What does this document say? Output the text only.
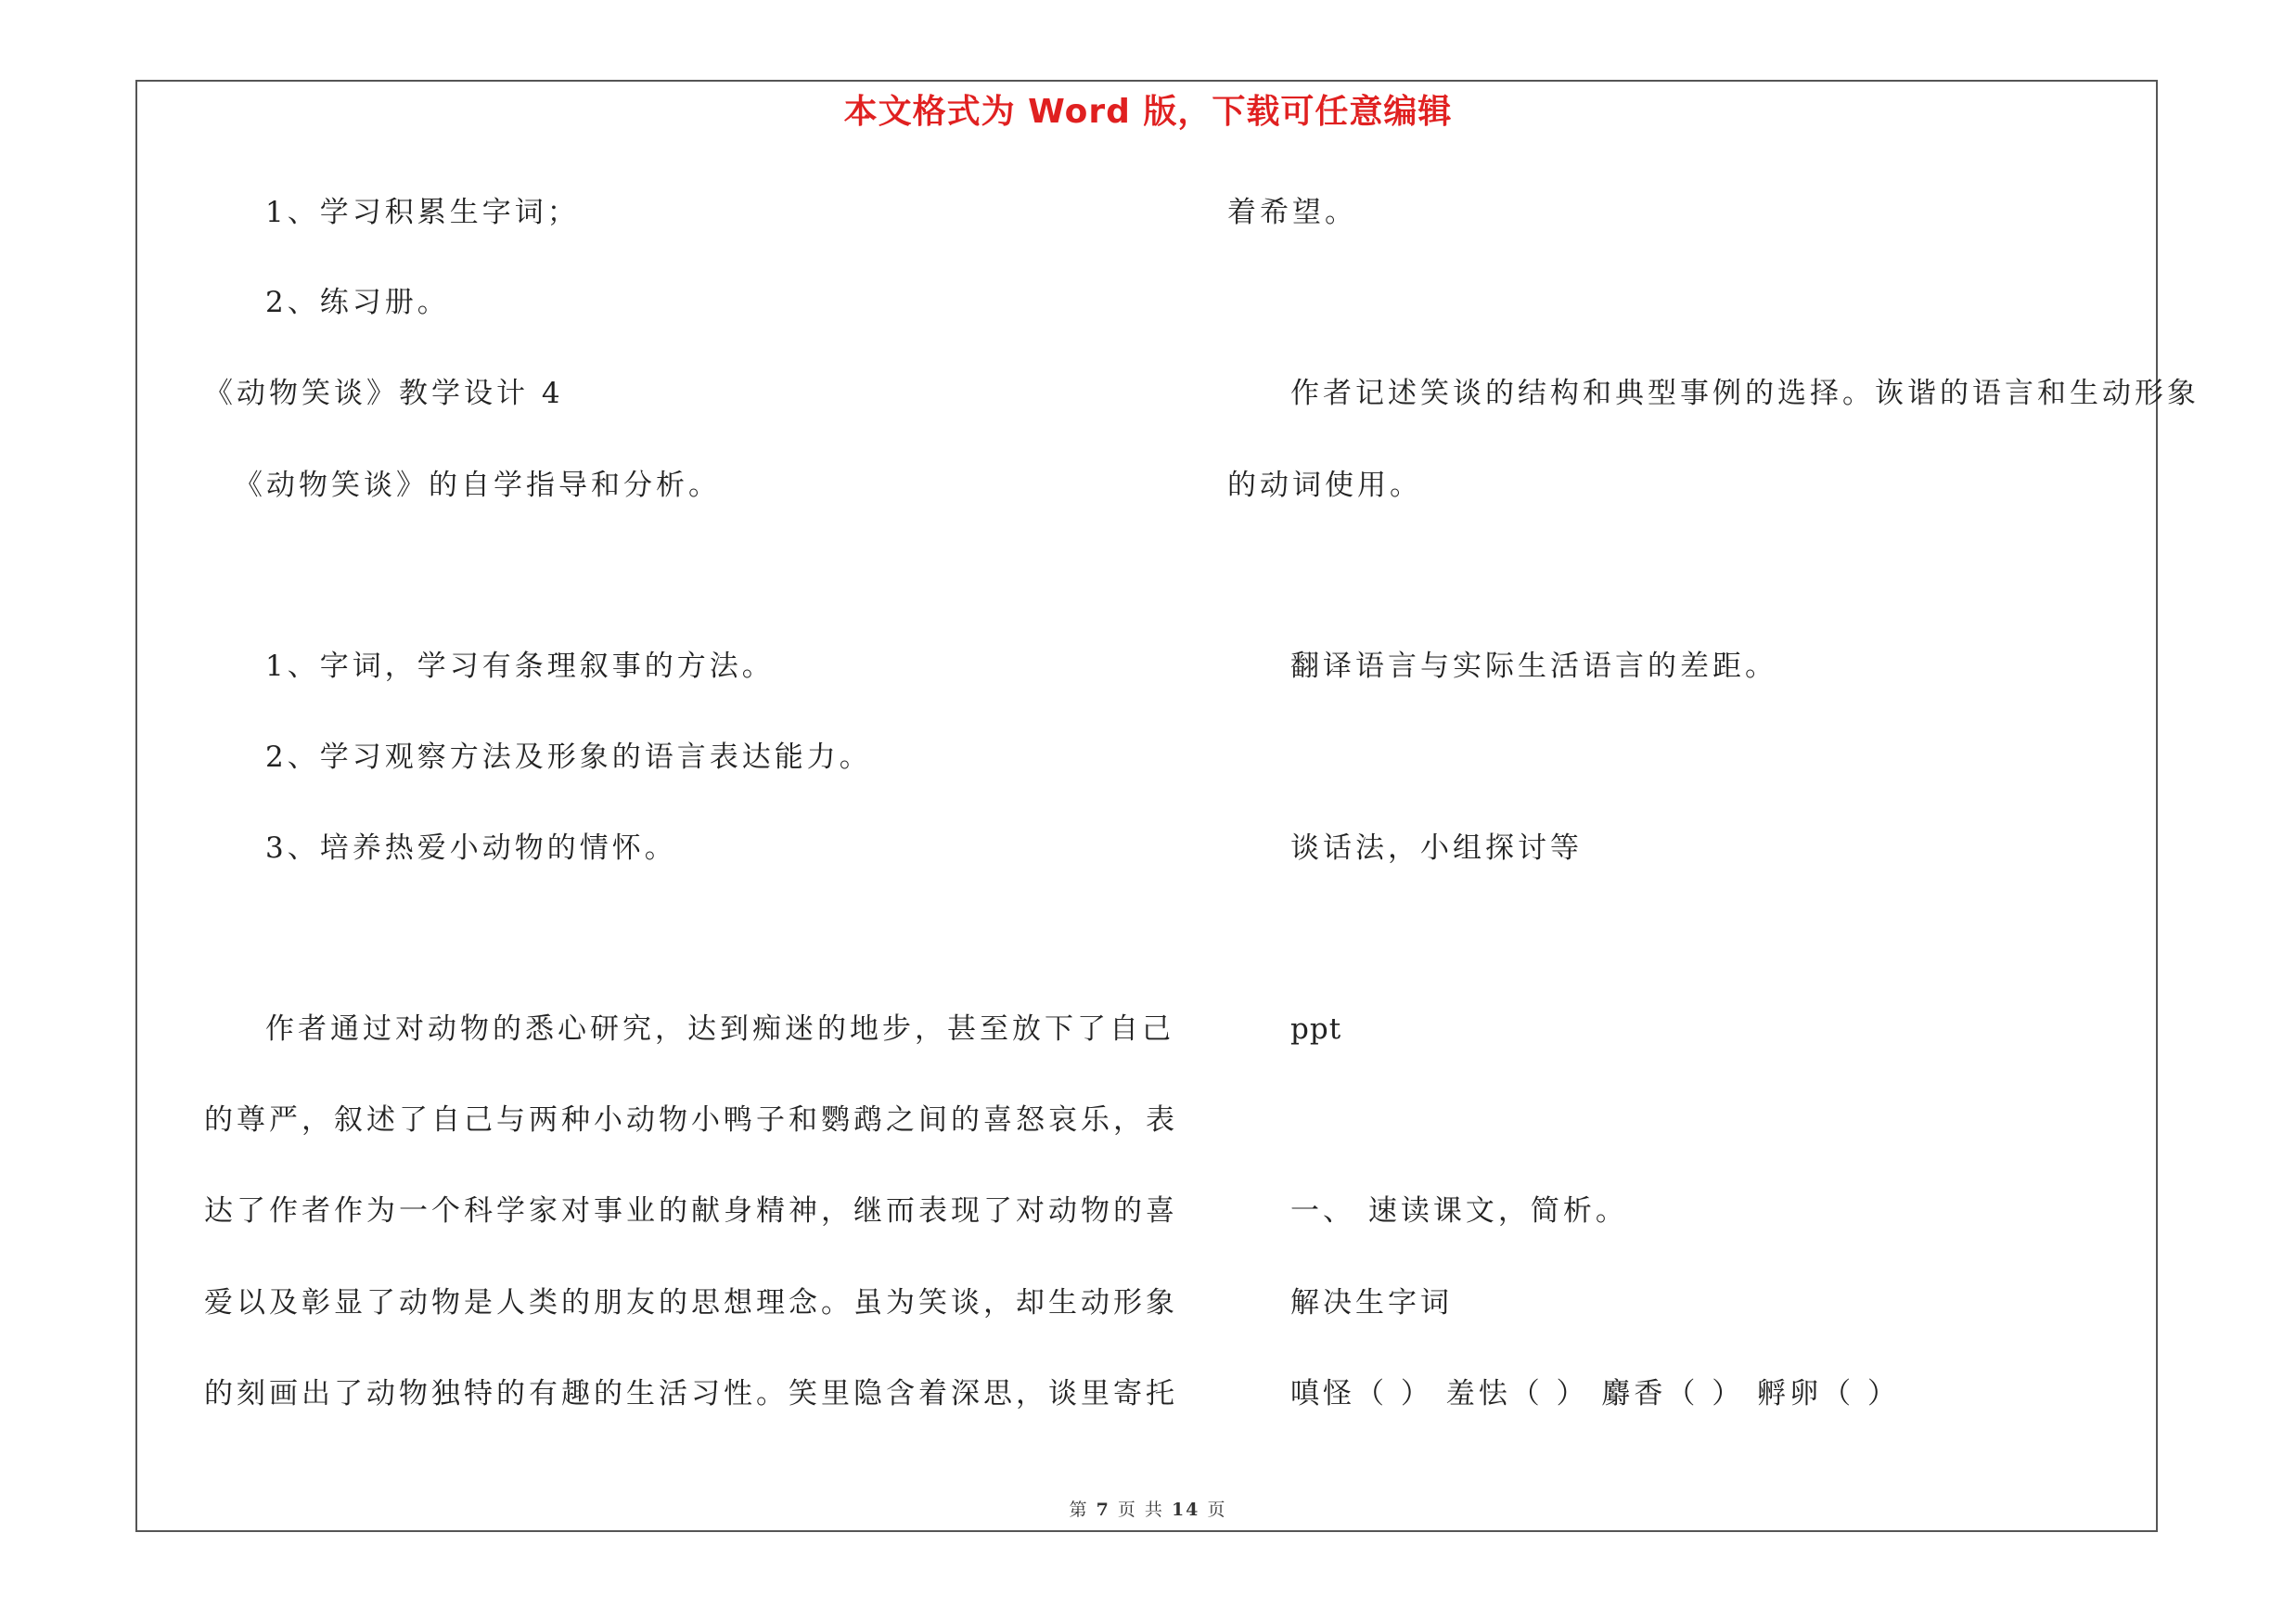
本文格式为 Word 版，下载可任意编辑
1、学习积累生字词；
2、练习册。
《动物笑谈》教学设计 4
《动物笑谈》的自学指导和分析。
1、字词，学习有条理叙事的方法。
2、学习观察方法及形象的语言表达能力。
3、培养热爱小动物的情怀。
作者通过对动物的悉心研究，达到痴迷的地步，甚至放下了自己
的尊严，叙述了自己与两种小动物小鸭子和鹦鹉之间的喜怒哀乐，表
达了作者作为一个科学家对事业的献身精神，继而表现了对动物的喜
爱以及彰显了动物是人类的朋友的思想理念。虽为笑谈，却生动形象
的刻画出了动物独特的有趣的生活习性。笑里隐含着深思，谈里寄托
着希望。
作者记述笑谈的结构和典型事例的选择。诙谐的语言和生动形象
的动词使用。
翻译语言与实际生活语言的差距。
谈话法，小组探讨等
ppt
一、 速读课文，简析。
解决生字词
嗔怪（ ） 羞怯（ ） 麝香（ ） 孵卵（ ）
第 7 页 共 14 页
